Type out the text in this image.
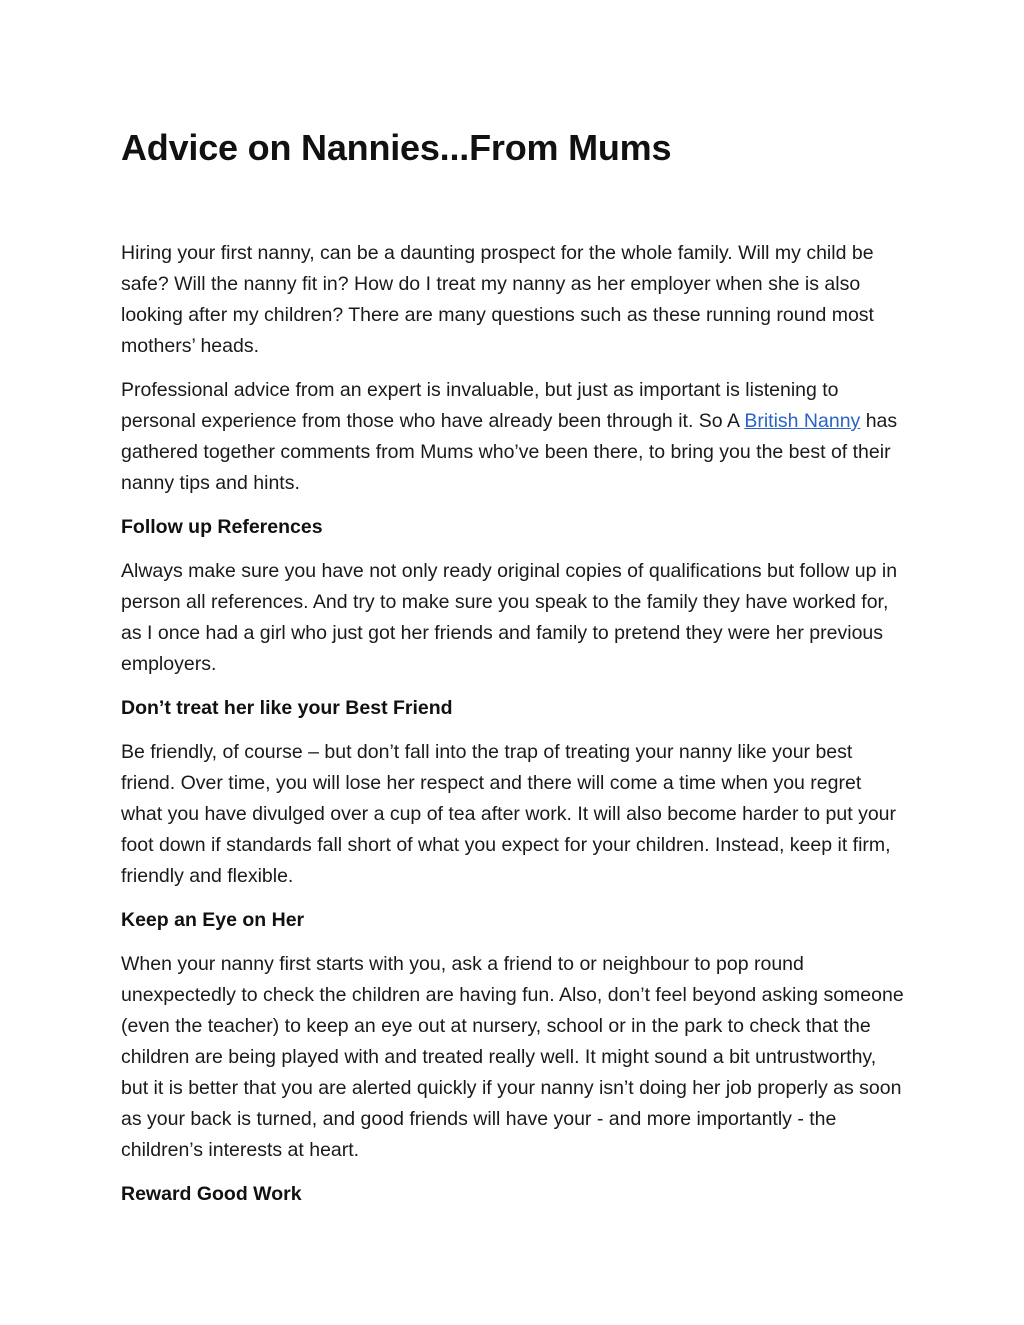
Advice on Nannies...From Mums

Hiring your first nanny, can be a daunting prospect for the whole family. Will my child be safe? Will the nanny fit in? How do I treat my nanny as her employer when she is also looking after my children? There are many questions such as these running round most mothers’ heads.

Professional advice from an expert is invaluable, but just as important is listening to personal experience from those who have already been through it. So A British Nanny has gathered together comments from Mums who’ve been there, to bring you the best of their nanny tips and hints.

Follow up References

Always make sure you have not only ready original copies of qualifications but follow up in person all references. And try to make sure you speak to the family they have worked for, as I once had a girl who just got her friends and family to pretend they were her previous employers.

Don’t treat her like your Best Friend

Be friendly, of course – but don’t fall into the trap of treating your nanny like your best friend. Over time, you will lose her respect and there will come a time when you regret what you have divulged over a cup of tea after work. It will also become harder to put your foot down if standards fall short of what you expect for your children. Instead, keep it firm, friendly and flexible.

Keep an Eye on Her

When your nanny first starts with you, ask a friend to or neighbour to pop round unexpectedly to check the children are having fun. Also, don’t feel beyond asking someone (even the teacher) to keep an eye out at nursery, school or in the park to check that the children are being played with and treated really well. It might sound a bit untrustworthy, but it is better that you are alerted quickly if your nanny isn’t doing her job properly as soon as your back is turned, and good friends will have your - and more importantly - the children’s interests at heart.

Reward Good Work
